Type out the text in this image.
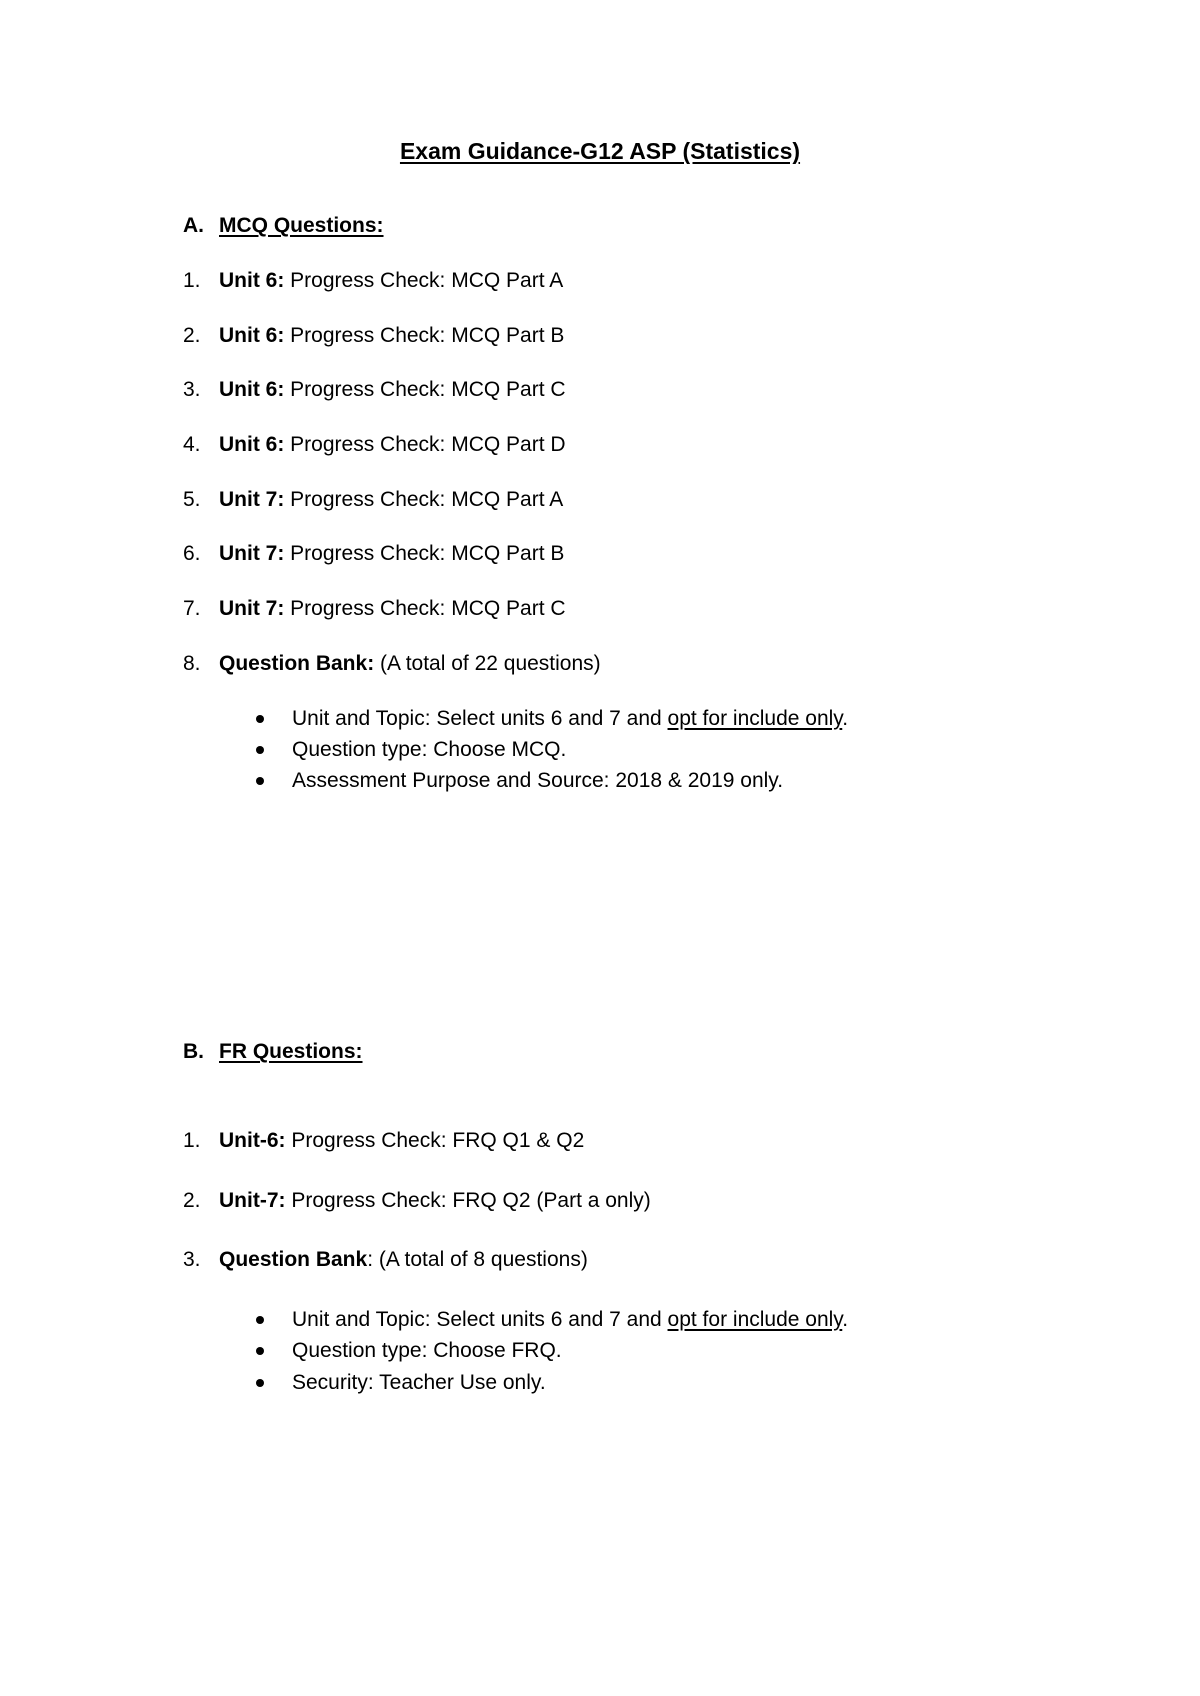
Exam Guidance-G12 ASP (Statistics)
A. MCQ Questions:
1. Unit 6: Progress Check: MCQ Part A
2. Unit 6: Progress Check: MCQ Part B
3. Unit 6: Progress Check: MCQ Part C
4. Unit 6: Progress Check: MCQ Part D
5. Unit 7: Progress Check: MCQ Part A
6. Unit 7: Progress Check: MCQ Part B
7. Unit 7: Progress Check: MCQ Part C
8. Question Bank: (A total of 22 questions)
Unit and Topic: Select units 6 and 7 and opt for include only.
Question type: Choose MCQ.
Assessment Purpose and Source: 2018 & 2019 only.
B. FR Questions:
1. Unit-6: Progress Check: FRQ Q1 & Q2
2. Unit-7: Progress Check: FRQ Q2 (Part a only)
3. Question Bank: (A total of 8 questions)
Unit and Topic: Select units 6 and 7 and opt for include only.
Question type: Choose FRQ.
Security: Teacher Use only.
